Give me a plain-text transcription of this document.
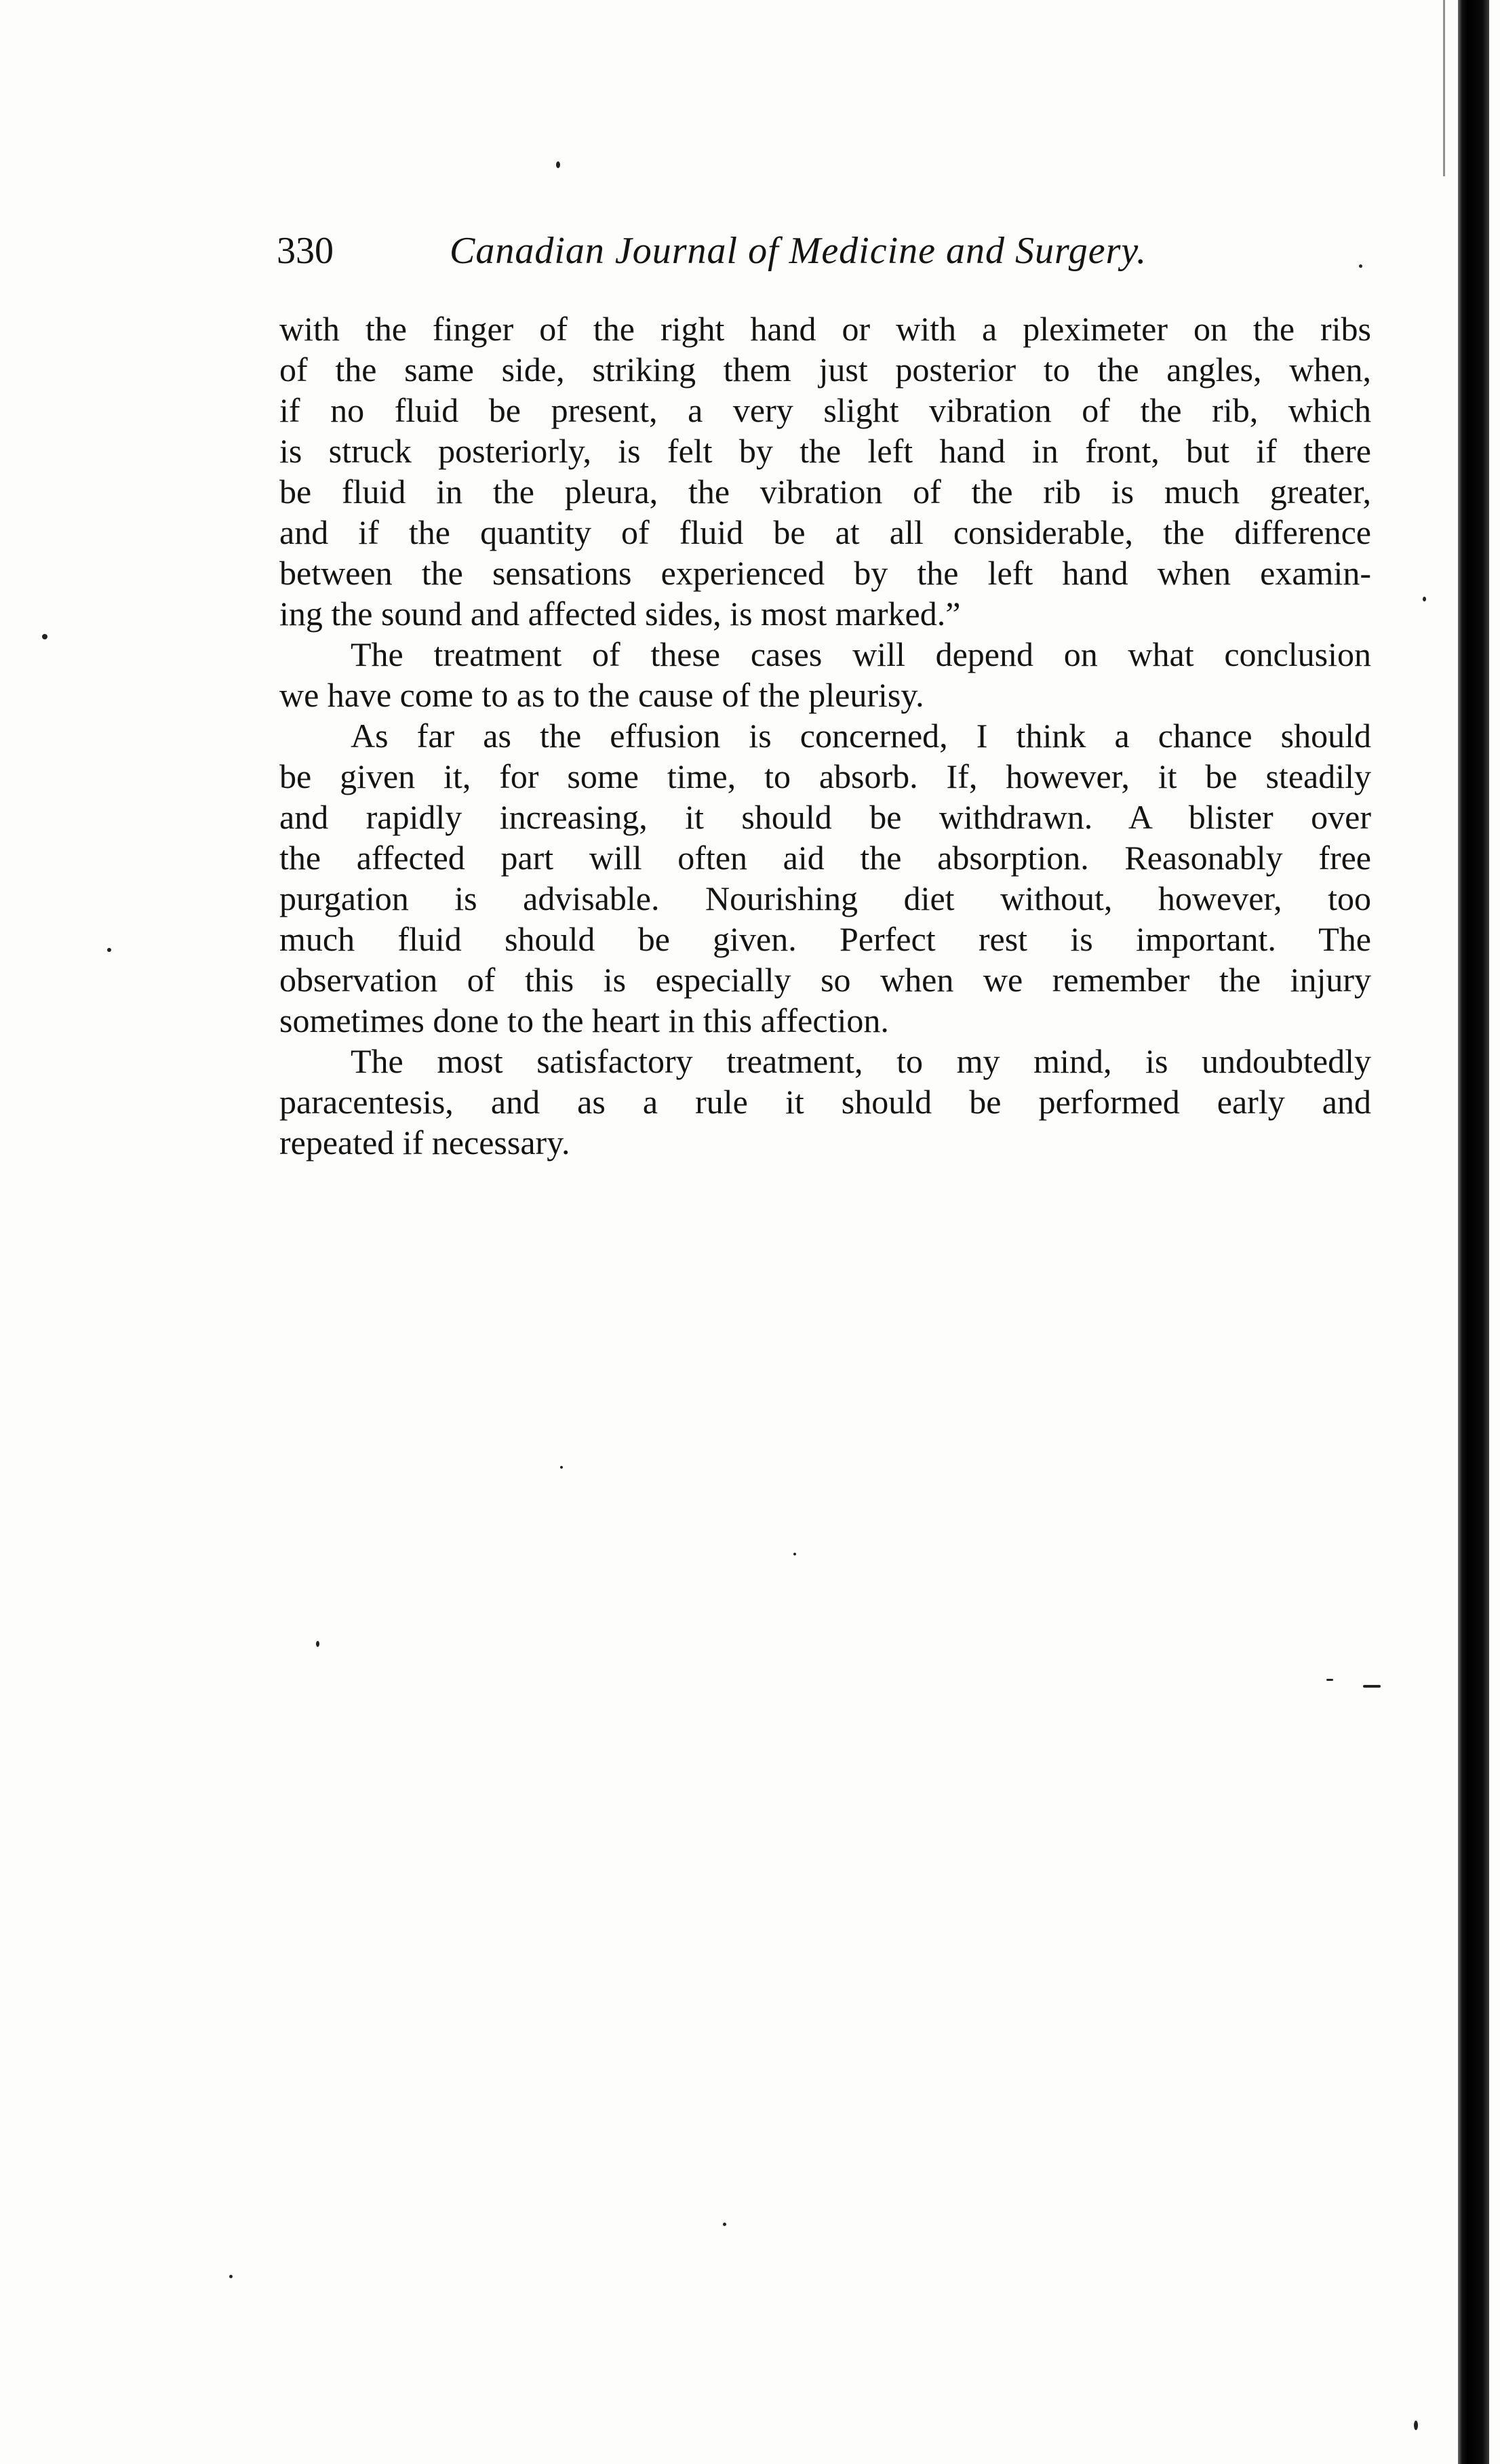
330	Canadian Journal of Medicine and Surgery.
with the finger of the right hand or with a pleximeter on the ribs
of the same side, striking them just posterior to the angles, when,
if no fluid be present, a very slight vibration of the rib, which
is struck posteriorly, is felt by the left hand in front, but if there
be fluid in the pleura, the vibration of the rib is much greater,
and if the quantity of fluid be at all considerable, the difference
between the sensations experienced by the left hand when examin-
ing the sound and affected sides, is most marked.”
The treatment of these cases will depend on what conclusion
we have come to as to the cause of the pleurisy.
As far as the effusion is concerned, I think a chance should
be given it, for some time, to absorb. If, however, it be steadily
and rapidly increasing, it should be withdrawn. A blister over
the affected part will often aid the absorption. Reasonably free
purgation is advisable. Nourishing diet without, however, too
much fluid should be given. Perfect rest is important. The
observation of this is especially so when we remember the injury
sometimes done to the heart in this affection.
The most satisfactory treatment, to my mind, is undoubtedly
paracentesis, and as a rule it should be performed early and
repeated if necessary.
